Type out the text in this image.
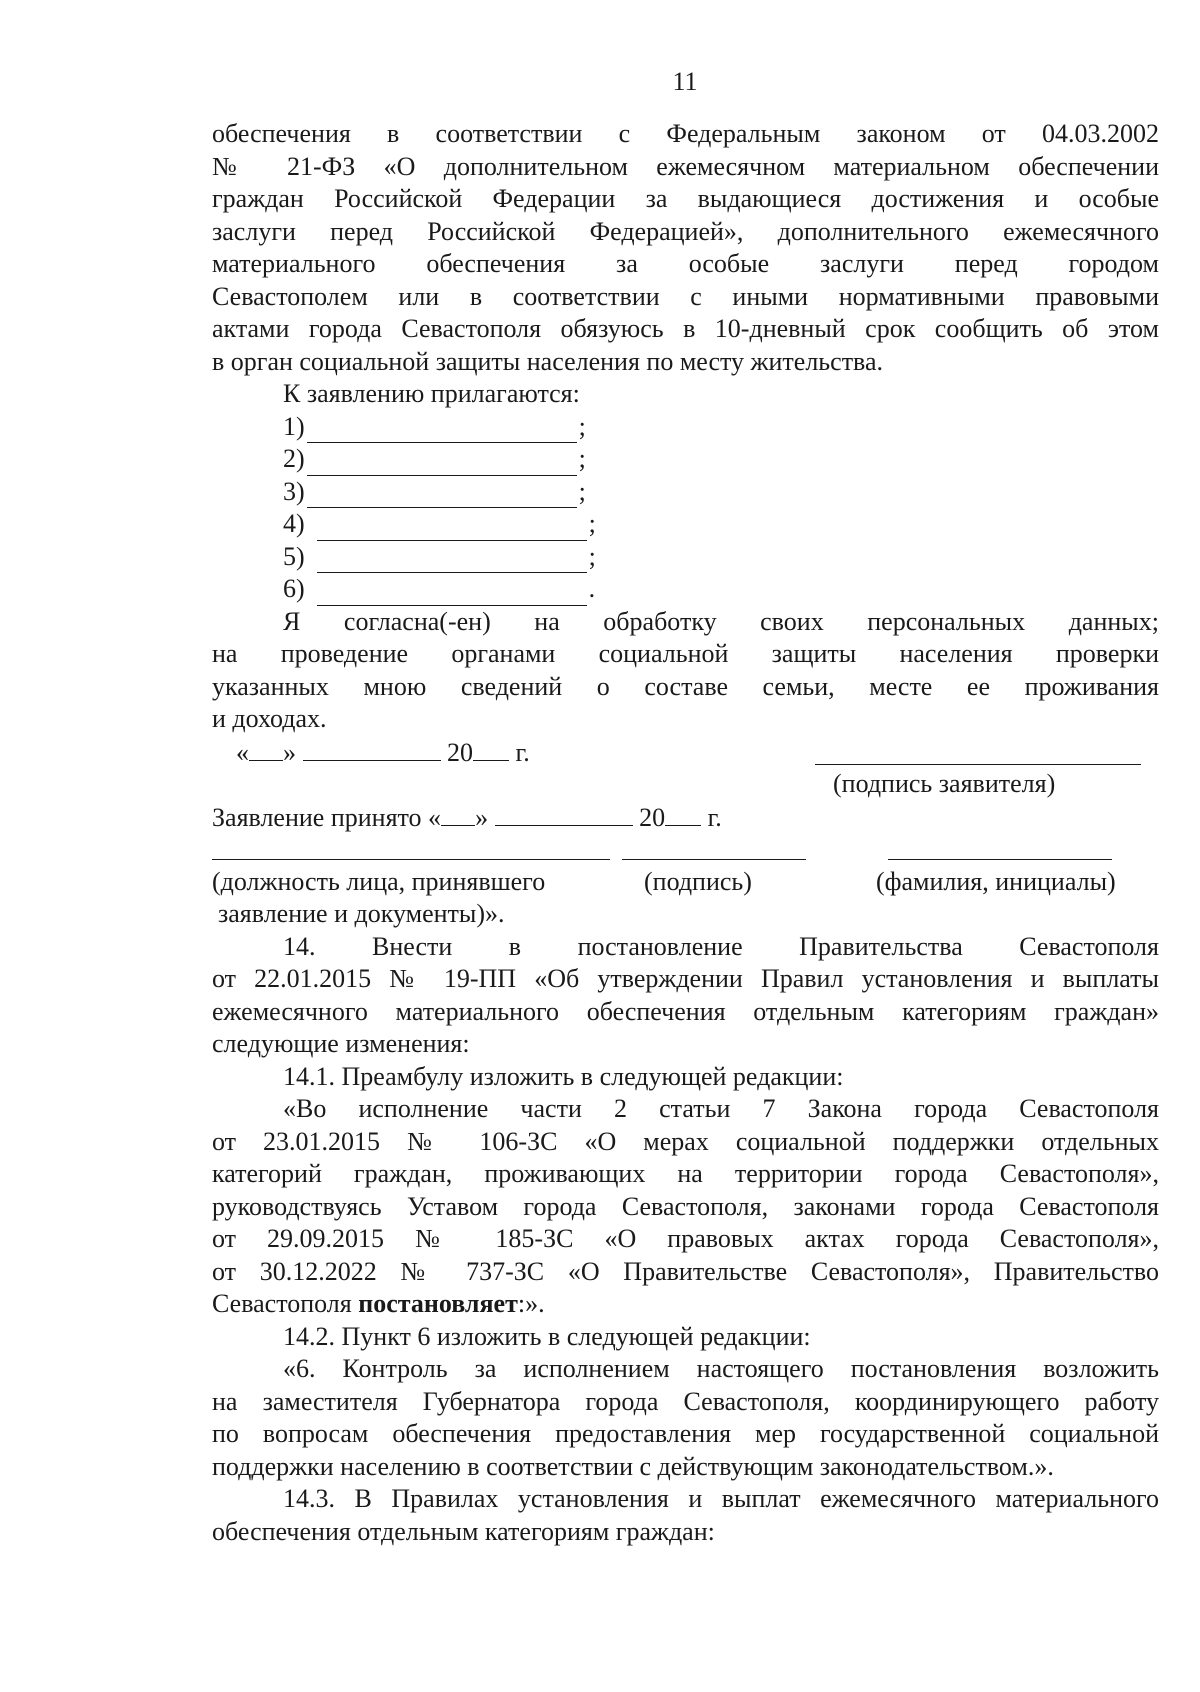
11

обеспечения в соответствии с Федеральным законом от 04.03.2002

№ 21-ФЗ «О дополнительном ежемесячном материальном обеспечении

граждан Российской Федерации за выдающиеся достижения и особые

заслуги перед Российской Федерацией», дополнительного ежемесячного

материального обеспечения за особые заслуги перед городом

Севастополем или в соответствии с иными нормативными правовыми

актами города Севастополя обязуюсь в 10-дневный срок сообщить об этом

в орган социальной защиты населения по месту жительства.

К заявлению прилагаются:

1)	;
2)	;
3)	;
4)	;
5)	;
6)	.

Я согласна(-ен) на обработку своих персональных данных;

на проведение органами социальной защиты населения проверки

указанных мною сведений о составе семьи, месте ее проживания

и доходах.

« »	20 г.
(подпись заявителя)
Заявление принято « »	20 г.
(должность лица, принявшего	(подпись)	(фамилия, инициалы)
заявление и документы)».

14. Внести в постановление Правительства Севастополя

от 22.01.2015 № 19-ПП «Об утверждении Правил установления и выплаты

ежемесячного материального обеспечения отдельным категориям граждан»

следующие изменения:

14.1. Преамбулу изложить в следующей редакции:

«Во исполнение части 2 статьи 7 Закона города Севастополя

от 23.01.2015 № 106-ЗС «О мерах социальной поддержки отдельных

категорий граждан, проживающих на территории города Севастополя»,

руководствуясь Уставом города Севастополя, законами города Севастополя

от 29.09.2015 № 185-ЗС «О правовых актах города Севастополя»,

от 30.12.2022 № 737-ЗС «О Правительстве Севастополя», Правительство

Севастополя постановляет:».

14.2. Пункт 6 изложить в следующей редакции:

«6. Контроль за исполнением настоящего постановления возложить

на заместителя Губернатора города Севастополя, координирующего работу

по вопросам обеспечения предоставления мер государственной социальной

поддержки населению в соответствии с действующим законодательством.».

14.3. В Правилах установления и выплат ежемесячного материального

обеспечения отдельным категориям граждан:
